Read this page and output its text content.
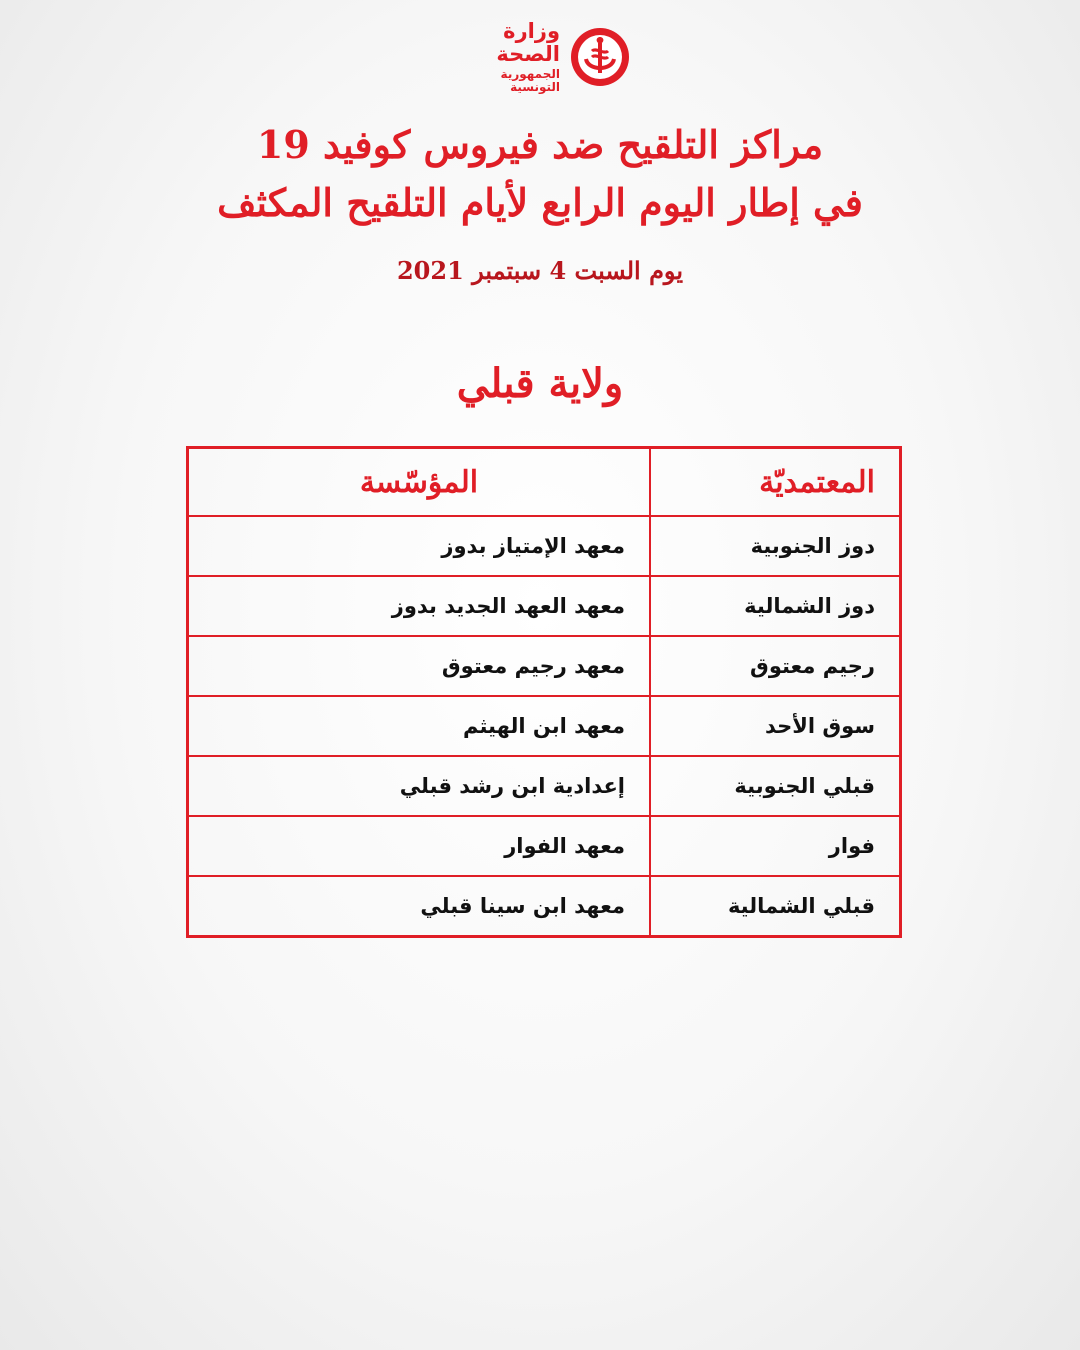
وزارة الصحة
الجمهورية التونسية
مراكز التلقيح ضد فيروس كوفيد 19
في إطار اليوم الرابع لأيام التلقيح المكثف
يوم السبت 4 سبتمبر 2021
ولاية قبلي
المعتمديّة	المؤسّسة
دوز الجنوبية	معهد الإمتياز بدوز
دوز الشمالية	معهد العهد الجديد بدوز
رجيم معتوق	معهد رجيم معتوق
سوق الأحد	معهد ابن الهيثم
قبلي الجنوبية	إعدادية ابن رشد قبلي
فوار	معهد الفوار
قبلي الشمالية	معهد ابن سينا قبلي
